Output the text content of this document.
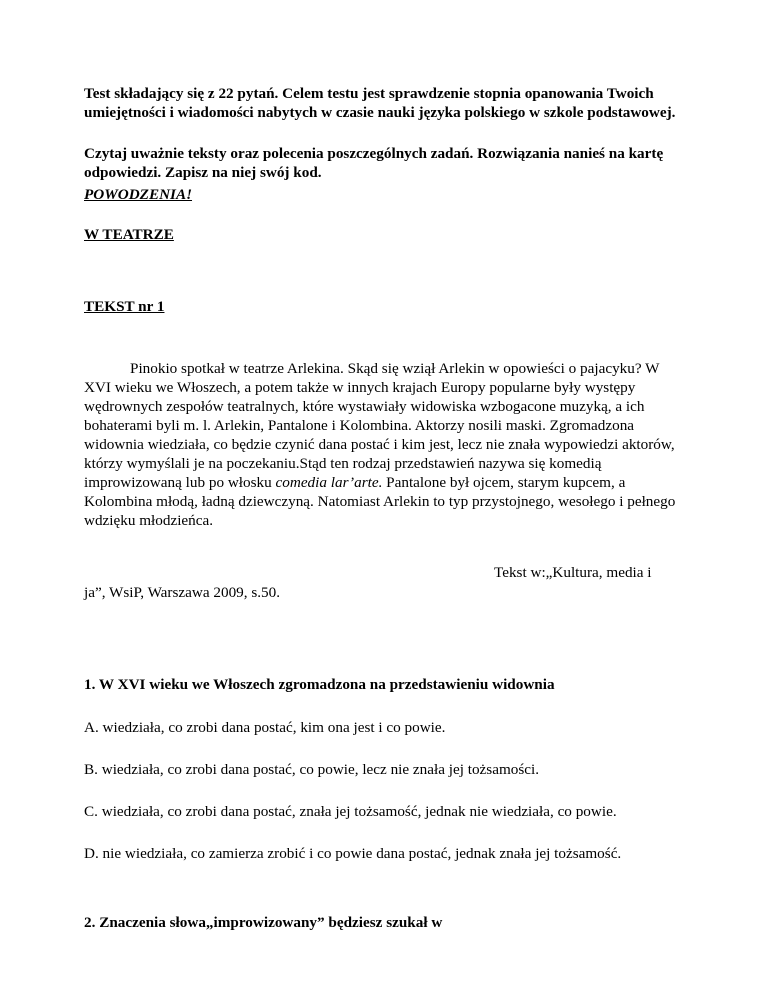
Test składający się z 22 pytań. Celem testu jest sprawdzenie stopnia opanowania Twoich umiejętności i wiadomości nabytych w czasie nauki języka polskiego w szkole podstawowej.

Czytaj uważnie teksty oraz polecenia poszczególnych zadań. Rozwiązania nanieś na kartę odpowiedzi. Zapisz na niej swój kod.

POWODZENIA!

W TEATRZE

TEKST nr 1

Pinokio spotkał w teatrze Arlekina. Skąd się wziął Arlekin w opowieści o pajacyku? W XVI wieku we Włoszech, a potem także w innych krajach Europy popularne były występy wędrownych zespołów teatralnych, które wystawiały widowiska wzbogacone muzyką, a ich bohaterami byli m. l. Arlekin, Pantalone i Kolombina. Aktorzy nosili maski. Zgromadzona widownia wiedziała, co będzie czynić dana postać i kim jest, lecz nie znała wypowiedzi aktorów, którzy wymyślali je na poczekaniu.Stąd ten rodzaj przedstawień nazywa się komedią improwizowaną lub po włosku comedia lar’arte. Pantalone był ojcem, starym kupcem, a Kolombina młodą, ładną dziewczyną. Natomiast Arlekin to typ przystojnego, wesołego i pełnego wdzięku młodzieńca.

Tekst w:„Kultura, media i

ja”, WsiP, Warszawa 2009, s.50.

1. W XVI wieku we Włoszech zgromadzona na przedstawieniu widownia

A. wiedziała, co zrobi dana postać, kim ona jest i co powie.

B. wiedziała, co zrobi dana postać, co powie, lecz nie znała jej tożsamości.

C. wiedziała, co zrobi dana postać, znała jej tożsamość, jednak nie wiedziała, co powie.

D. nie wiedziała, co zamierza zrobić i co powie dana postać, jednak znała jej tożsamość.

2. Znaczenia słowa„improwizowany” będziesz szukał w
